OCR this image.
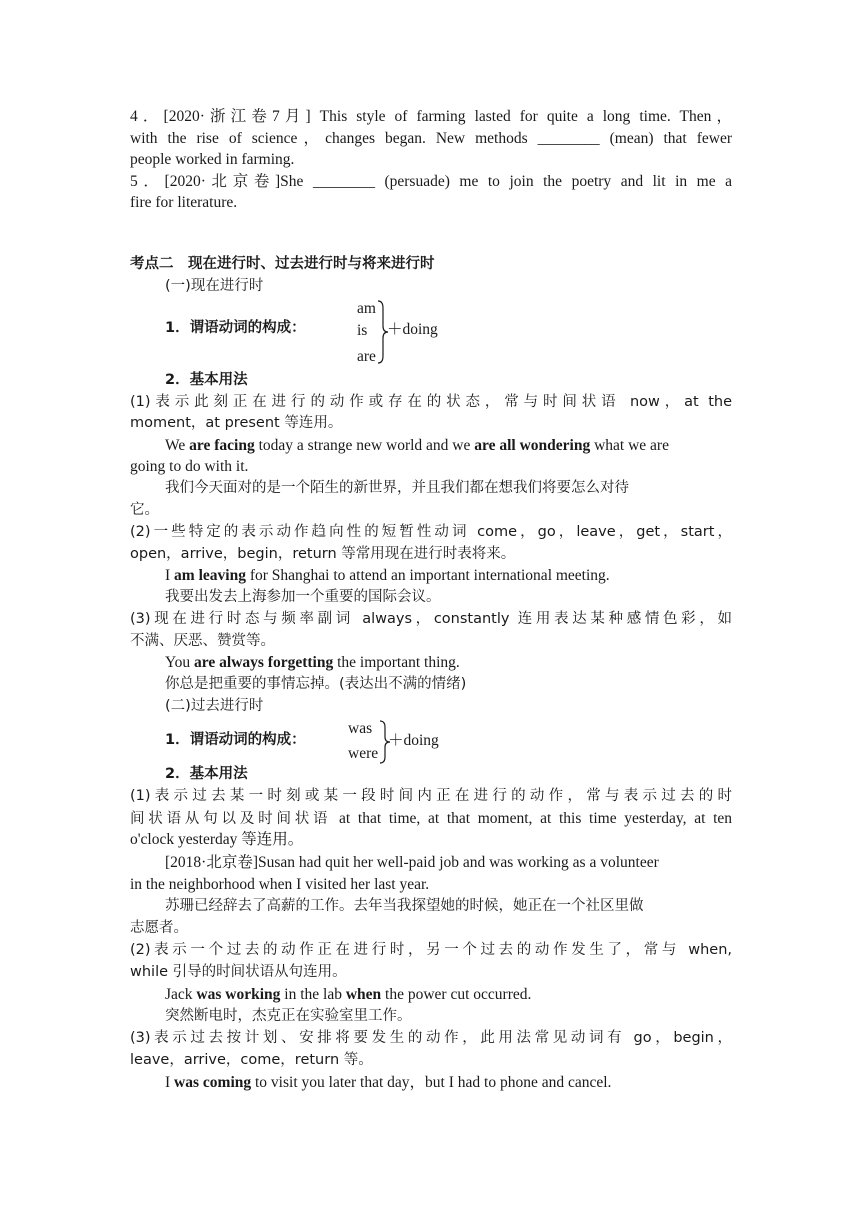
4．[2020·浙江卷7月] This style of farming lasted for quite a long time. Then，
with the rise of science，changes began. New methods ________ (mean) that fewer
people worked in farming.
5．[2020·北京卷]She ________ (persuade) me to join the poetry and lit in me a
fire for literature.
考点二　现在进行时、过去进行时与将来进行时
(一)现在进行时
1．谓语动词的构成：
am
is
are
＋doing
2．基本用法
(1)表示此刻正在进行的动作或存在的状态，常与时间状语 now，at the
moment，at present 等连用。
We are facing today a strange new world and we are all wondering what we are
going to do with it.
我们今天面对的是一个陌生的新世界，并且我们都在想我们将要怎么对待
它。
(2)一些特定的表示动作趋向性的短暂性动词 come，go，leave，get，start，
open，arrive，begin，return 等常用现在进行时表将来。
I am leaving for Shanghai to attend an important international meeting.
我要出发去上海参加一个重要的国际会议。
(3)现在进行时态与频率副词 always，constantly 连用表达某种感情色彩，如
不满、厌恶、赞赏等。
You are always forgetting the important thing.
你总是把重要的事情忘掉。(表达出不满的情绪)
(二)过去进行时
1．谓语动词的构成：
was
were
＋doing
2．基本用法
(1)表示过去某一时刻或某一段时间内正在进行的动作，常与表示过去的时
间状语从句以及时间状语 at that time, at that moment, at this time yesterday, at ten
o'clock yesterday 等连用。
[2018·北京卷]Susan had quit her well-paid job and was working as a volunteer
in the neighborhood when I visited her last year.
苏珊已经辞去了高薪的工作。去年当我探望她的时候，她正在一个社区里做
志愿者。
(2)表示一个过去的动作正在进行时，另一个过去的动作发生了，常与 when,
while 引导的时间状语从句连用。
Jack was working in the lab when the power cut occurred.
突然断电时，杰克正在实验室里工作。
(3)表示过去按计划、安排将要发生的动作，此用法常见动词有 go，begin，
leave，arrive，come，return 等。
I was coming to visit you later that day，but I had to phone and cancel.
